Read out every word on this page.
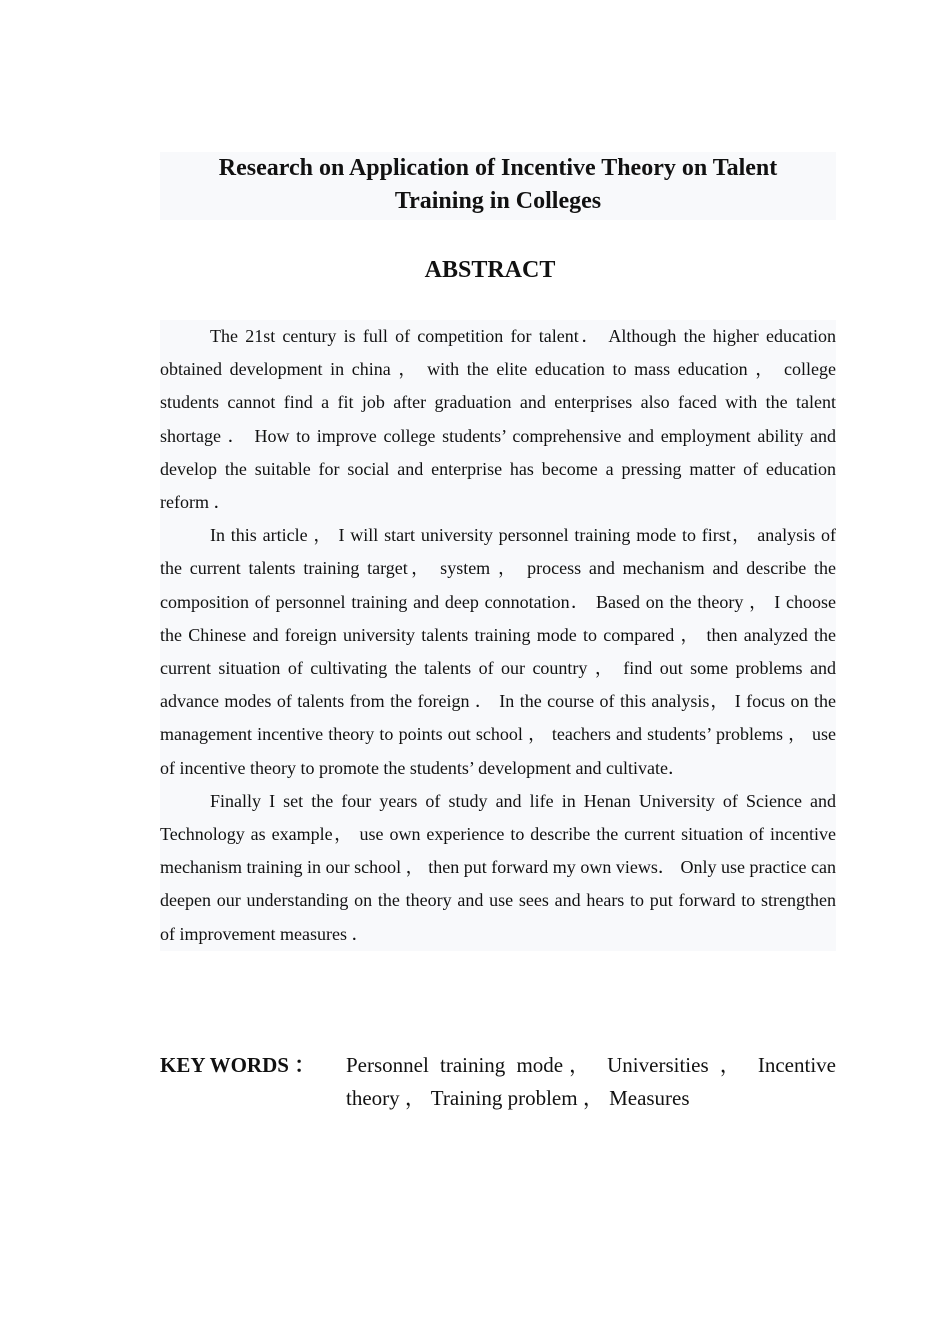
Research on Application of Incentive Theory on Talent
Training in Colleges
ABSTRACT

The 21st century is full of competition for talent． Although the higher education obtained development in china ， with the elite education to mass education ， college students cannot find a fit job after graduation and enterprises also faced with the talent shortage ． How to improve college students’ comprehensive and employment ability and develop the suitable for social and enterprise has become a pressing matter of education reform ．

In this article ， I will start university personnel training mode to first， analysis of the current talents training target， system ， process and mechanism and describe the composition of personnel training and deep connotation． Based on the theory ， I choose the Chinese and foreign university talents training mode to compared ， then analyzed the current situation of cultivating the talents of our country ， find out some problems and advance modes of talents from the foreign ． In the course of this analysis， I focus on the management incentive theory to points out school ， teachers and students’ problems ， use of incentive theory to promote the students’ development and cultivate．

Finally I set the four years of study and life in Henan University of Science and Technology as example， use own experience to describe the current situation of incentive mechanism training in our school ， then put forward my own views． Only use practice can deepen our understanding on the theory and use sees and hears to put forward to strengthen of improvement measures ．

KEY WORDS ： Personnel training mode， Universities ， Incentive theory ， Training problem ， Measures
